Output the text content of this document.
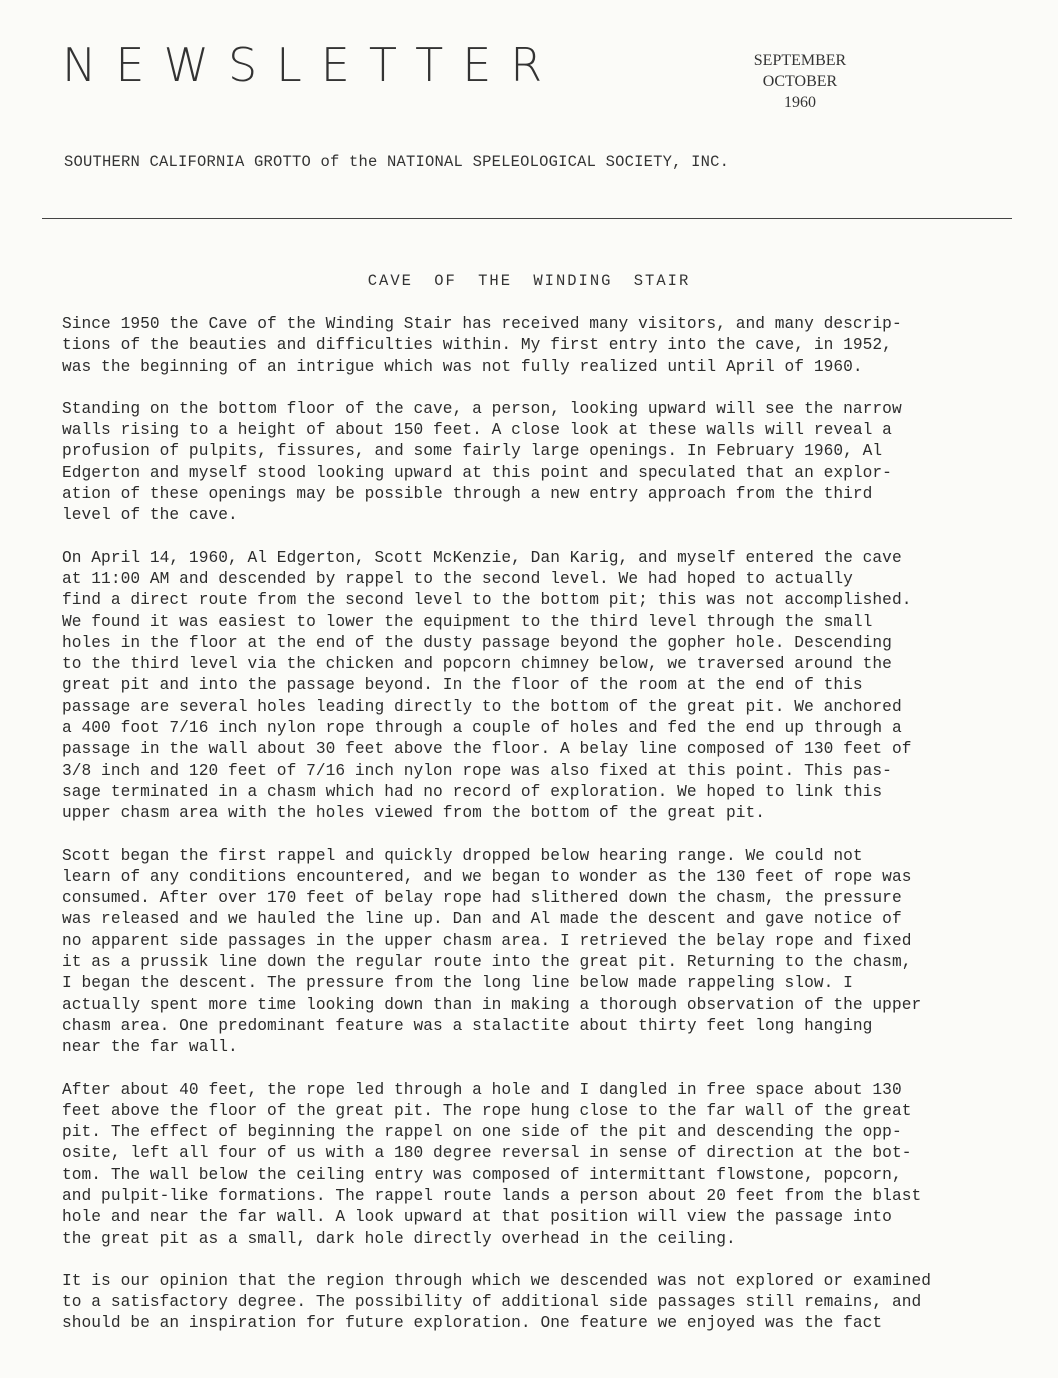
NEWSLETTER	SEPTEMBER
OCTOBER
1960
SOUTHERN CALIFORNIA GROTTO of the NATIONAL SPELEOLOGICAL SOCIETY, INC.
CAVE OF THE WINDING STAIR
Since 1950 the Cave of the Winding Stair has received many visitors, and many descrip-
tions of the beauties and difficulties within. My first entry into the cave, in 1952,
was the beginning of an intrigue which was not fully realized until April of 1960.
Standing on the bottom floor of the cave, a person, looking upward will see the narrow
walls rising to a height of about 150 feet. A close look at these walls will reveal a
profusion of pulpits, fissures, and some fairly large openings. In February 1960, Al
Edgerton and myself stood looking upward at this point and speculated that an explor-
ation of these openings may be possible through a new entry approach from the third
level of the cave.
On April 14, 1960, Al Edgerton, Scott McKenzie, Dan Karig, and myself entered the cave
at 11:00 AM and descended by rappel to the second level. We had hoped to actually
find a direct route from the second level to the bottom pit; this was not accomplished.
We found it was easiest to lower the equipment to the third level through the small
holes in the floor at the end of the dusty passage beyond the gopher hole. Descending
to the third level via the chicken and popcorn chimney below, we traversed around the
great pit and into the passage beyond. In the floor of the room at the end of this
passage are several holes leading directly to the bottom of the great pit. We anchored
a 400 foot 7/16 inch nylon rope through a couple of holes and fed the end up through a
passage in the wall about 30 feet above the floor. A belay line composed of 130 feet of
3/8 inch and 120 feet of 7/16 inch nylon rope was also fixed at this point. This pas-
sage terminated in a chasm which had no record of exploration. We hoped to link this
upper chasm area with the holes viewed from the bottom of the great pit.
Scott began the first rappel and quickly dropped below hearing range. We could not
learn of any conditions encountered, and we began to wonder as the 130 feet of rope was
consumed. After over 170 feet of belay rope had slithered down the chasm, the pressure
was released and we hauled the line up. Dan and Al made the descent and gave notice of
no apparent side passages in the upper chasm area. I retrieved the belay rope and fixed
it as a prussik line down the regular route into the great pit. Returning to the chasm,
I began the descent. The pressure from the long line below made rappeling slow. I
actually spent more time looking down than in making a thorough observation of the upper
chasm area. One predominant feature was a stalactite about thirty feet long hanging
near the far wall.
After about 40 feet, the rope led through a hole and I dangled in free space about 130
feet above the floor of the great pit. The rope hung close to the far wall of the great
pit. The effect of beginning the rappel on one side of the pit and descending the opp-
osite, left all four of us with a 180 degree reversal in sense of direction at the bot-
tom. The wall below the ceiling entry was composed of intermittant flowstone, popcorn,
and pulpit-like formations. The rappel route lands a person about 20 feet from the blast
hole and near the far wall. A look upward at that position will view the passage into
the great pit as a small, dark hole directly overhead in the ceiling.
It is our opinion that the region through which we descended was not explored or examined
to a satisfactory degree. The possibility of additional side passages still remains, and
should be an inspiration for future exploration. One feature we enjoyed was the fact
